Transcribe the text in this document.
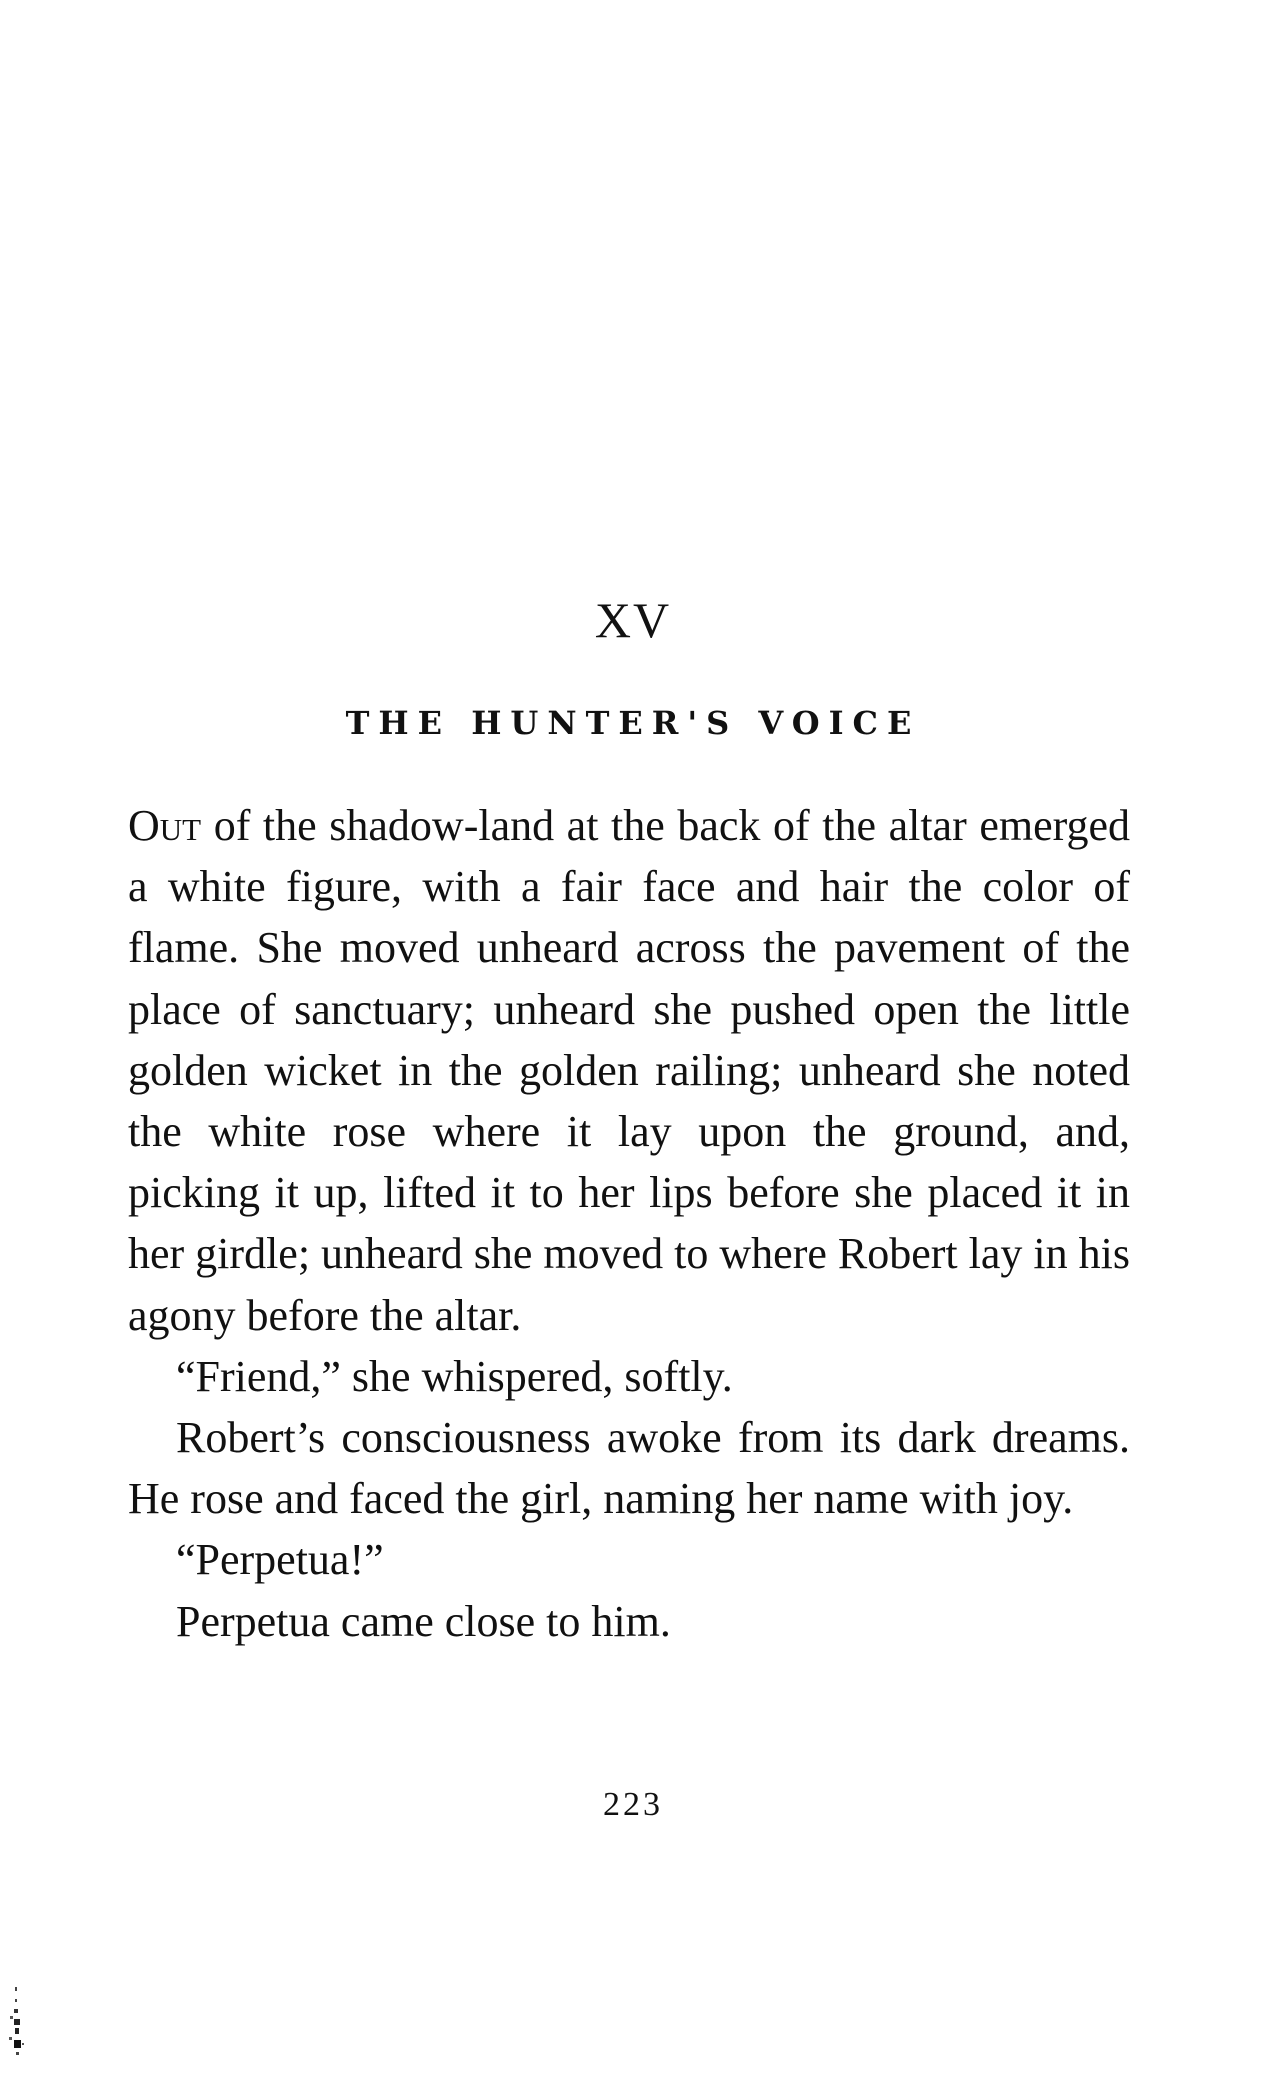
XV
THE HUNTER'S VOICE

Out of the shadow-land at the back of the altar emerged a white figure, with a fair face and hair the color of flame. She moved unheard across the pavement of the place of sanctuary; unheard she pushed open the little golden wicket in the golden railing; unheard she noted the white rose where it lay upon the ground, and, picking it up, lifted it to her lips before she placed it in her girdle; unheard she moved to where Robert lay in his agony before the altar.

“Friend,” she whispered, softly.

Robert’s consciousness awoke from its dark dreams. He rose and faced the girl, naming her name with joy.

“Perpetua!”

Perpetua came close to him.

223
